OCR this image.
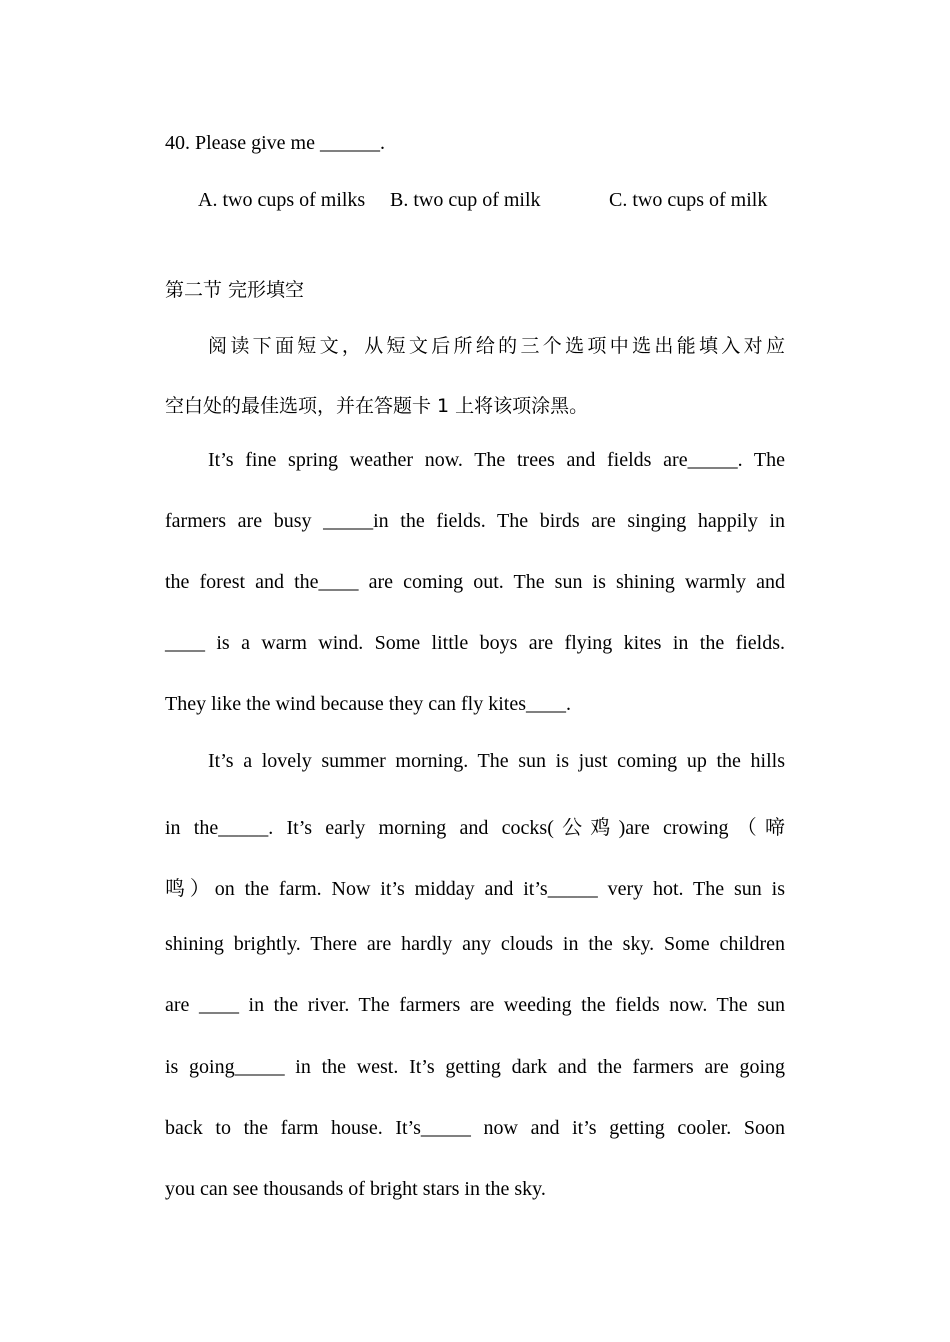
40. Please give me ______.
A. two cups of milks B. two cup of milk	C. two cups of milk
第二节 完形填空
阅读下面短文，从短文后所给的三个选项中选出能填入对应
空白处的最佳选项，并在答题卡 1 上将该项涂黑。
It’s fine spring weather now. The trees and fields are_____. The
farmers are busy _____in the fields. The birds are singing happily in
the forest and the____ are coming out. The sun is shining warmly and
____ is a warm wind. Some little boys are flying kites in the fields.
They like the wind because they can fly kites____.
It’s a lovely summer morning. The sun is just coming up the hills
in the_____. It’s early morning and cocks(公鸡)are crowing（啼
鸣）on the farm. Now it’s midday and it’s_____ very hot. The sun is
shining brightly. There are hardly any clouds in the sky. Some children
are ____ in the river. The farmers are weeding the fields now. The sun
is going_____ in the west. It’s getting dark and the farmers are going
back to the farm house. It’s_____ now and it’s getting cooler. Soon
you can see thousands of bright stars in the sky.
